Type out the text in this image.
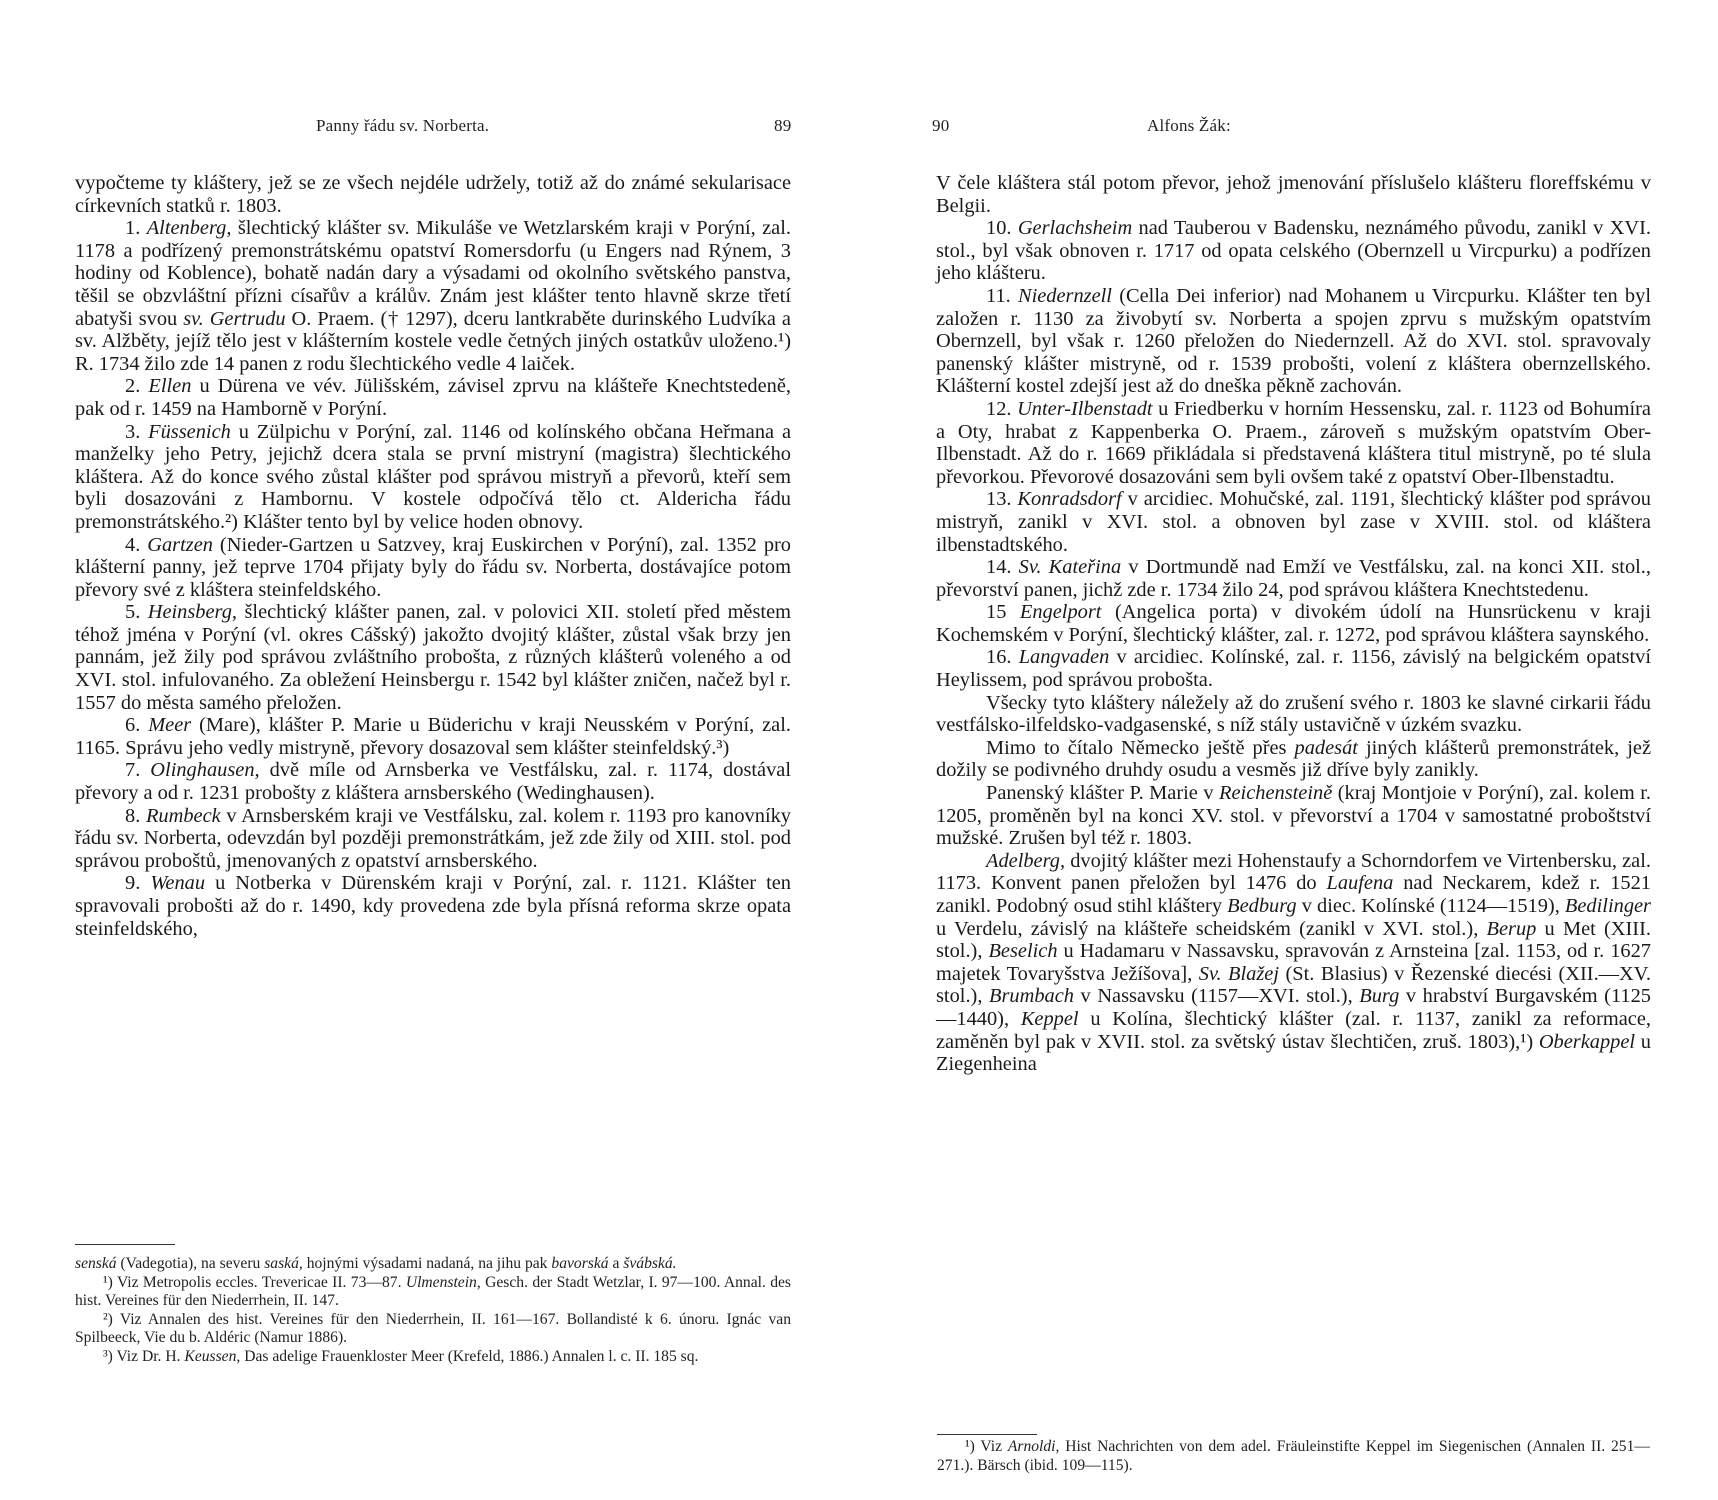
Panny řádu sv. Norberta.	89

vypočteme ty kláštery, jež se ze všech nejdéle udržely, totiž až do známé sekularisace církevních statků r. 1803.

1. Altenberg, šlechtický klášter sv. Mikuláše ve Wetzlarském kraji v Porýní, zal. 1178 a podřízený premonstrátskému opatství Romersdorfu (u Engers nad Rýnem, 3 hodiny od Koblence), bohatě nadán dary a výsadami od okolního světského panstva, těšil se obzvláštní přízni císařův a králův. Znám jest klášter tento hlavně skrze třetí abatyši svou sv. Gertrudu O. Praem. († 1297), dceru lantkraběte durinského Ludvíka a sv. Alžběty, jejíž tělo jest v klášterním kostele vedle četných jiných ostatkův uloženo.¹) R. 1734 žilo zde 14 panen z rodu šlechtického vedle 4 laiček.

2. Ellen u Dürena ve vév. Jülišském, závisel zprvu na klášteře Knechtstedeně, pak od r. 1459 na Hamborně v Porýní.

3. Füssenich u Zülpichu v Porýní, zal. 1146 od kolínského občana Heřmana a manželky jeho Petry, jejichž dcera stala se první mistryní (magistra) šlechtického kláštera. Až do konce svého zůstal klášter pod správou mistryň a převorů, kteří sem byli dosazováni z Hambornu. V kostele odpočívá tělo ct. Aldericha řádu premonstrátského.²) Klášter tento byl by velice hoden obnovy.

4. Gartzen (Nieder-Gartzen u Satzvey, kraj Euskirchen v Porýní), zal. 1352 pro klášterní panny, jež teprve 1704 přijaty byly do řádu sv. Norberta, dostávajíce potom převory své z kláštera steinfeldského.

5. Heinsberg, šlechtický klášter panen, zal. v polovici XII. století před městem téhož jména v Porýní (vl. okres Cášský) jakožto dvojitý klášter, zůstal však brzy jen pannám, jež žily pod správou zvláštního proboštа, z různých klášterů voleného a od XVI. stol. infulovaného. Za obležení Heinsbergu r. 1542 byl klášter zničen, načež byl r. 1557 do města samého přeložen.

6. Meer (Mare), klášter P. Marie u Büderichu v kraji Neusském v Porýní, zal. 1165. Správu jeho vedly mistryně, převory dosazoval sem klášter steinfeldský.³)

7. Olinghausen, dvě míle od Arnsberka ve Vestfálsku, zal. r. 1174, dostával převory a od r. 1231 probošty z kláštera arnsberského (Wedinghausen).

8. Rumbeck v Arnsberském kraji ve Vestfálsku, zal. kolem r. 1193 pro kanovníky řádu sv. Norberta, odevzdán byl později premonstrátkám, jež zde žily od XIII. stol. pod správou proboštů, jmenovaných z opatství arnsberského.

9. Wenau u Notberka v Dürenském kraji v Porýní, zal. r. 1121. Klášter ten spravovali probošti až do r. 1490, kdy provedena zde byla přísná reforma skrze opata steinfeldského,

senská (Vadegotia), na severu saská, hojnými výsadami nadaná, na jihu pak bavorská a švábská.

¹) Viz Metropolis eccles. Trevericae II. 73—87. Ulmenstein, Gesch. der Stadt Wetzlar, I. 97—100. Annal. des hist. Vereines für den Niederrhein, II. 147.

²) Viz Annalen des hist. Vereines für den Niederrhein, II. 161—167. Bollandisté k 6. únoru. Ignác van Spilbeeck, Vie du b. Aldéric (Namur 1886).

³) Viz Dr. H. Keussen, Das adelige Frauenkloster Meer (Krefeld, 1886.) Annalen l. c. II. 185 sq.

90	Alfons Žák:

V čele kláštera stál potom převor, jehož jmenování příslušelo klášteru floreffskému v Belgii.

10. Gerlachsheim nad Tauberou v Badensku, neznámého původu, zanikl v XVI. stol., byl však obnoven r. 1717 od opata celského (Obernzell u Vircpurku) a podřízen jeho klášteru.

11. Niedernzell (Cella Dei inferior) nad Mohanem u Vircpurku. Klášter ten byl založen r. 1130 za živobytí sv. Norberta a spojen zprvu s mužským opatstvím Obernzell, byl však r. 1260 přeložen do Niedernzell. Až do XVI. stol. spravovaly panenský klášter mistryně, od r. 1539 probošti, volení z kláštera obernzellského. Klášterní kostel zdejší jest až do dneška pěkně zachován.

12. Unter-Ilbenstadt u Friedberku v horním Hessensku, zal. r. 1123 od Bohumíra a Oty, hrabat z Kappenberka O. Praem., zároveň s mužským opatstvím Ober-Ilbenstadt. Až do r. 1669 přikládala si představená kláštera titul mistryně, po té slula převorkou. Převorové dosazováni sem byli ovšem také z opatství Ober-Ilbenstadtu.

13. Konradsdorf v arcidiec. Mohučské, zal. 1191, šlechtický klášter pod správou mistryň, zanikl v XVI. stol. a obnoven byl zase v XVIII. stol. od kláštera ilbenstadtského.

14. Sv. Kateřina v Dortmundě nad Emží ve Vestfálsku, zal. na konci XII. stol., převorství panen, jichž zde r. 1734 žilo 24, pod správou kláštera Knechtstedenu.

15 Engelport (Angelica porta) v divokém údolí na Hunsrückenu v kraji Kochemském v Porýní, šlechtický klášter, zal. r. 1272, pod správou kláštera saynského.

16. Langvaden v arcidiec. Kolínské, zal. r. 1156, závislý na belgickém opatství Heylissem, pod správou proboštа.

Všecky tyto kláštery náležely až do zrušení svého r. 1803 ke slavné cirkarii řádu vestfálsko-ilfeldsko-vadgasenské, s níž stály ustavičně v úzkém svazku.

Mimo to čítalo Německo ještě přes padesát jiných klášterů premonstrátek, jež dožily se podivného druhdy osudu a vesměs již dříve byly zanikly.

Panenský klášter P. Marie v Reichensteině (kraj Montjoie v Porýní), zal. kolem r. 1205, proměněn byl na konci XV. stol. v převorství a 1704 v samostatné proboštství mužské. Zrušen byl též r. 1803.

Adelberg, dvojitý klášter mezi Hohenstaufy a Schorndorfem ve Virtenbersku, zal. 1173. Konvent panen přeložen byl 1476 do Laufena nad Neckarem, kdež r. 1521 zanikl. Podobný osud stihl kláštery Bedburg v diec. Kolínské (1124—1519), Bedilinger u Verdelu, závislý na klášteře scheidském (zanikl v XVI. stol.), Berup u Met (XIII. stol.), Beselich u Hadamaru v Nassavsku, spravován z Arnsteina [zal. 1153, od r. 1627 majetek Tovaryšstva Ježíšova], Sv. Blažej (St. Blasius) v Řezenské diecési (XII.—XV. stol.), Brumbach v Nassavsku (1157—XVI. stol.), Burg v hrabství Burgavském (1125—1440), Keppel u Kolína, šlechtický klášter (zal. r. 1137, zanikl za reformace, zaměněn byl pak v XVII. stol. za světský ústav šlechtičen, zruš. 1803),¹) Oberkappel u Ziegenheina

¹) Viz Arnoldi, Hist Nachrichten von dem adel. Fräuleinstifte Keppel im Siegenischen (Annalen II. 251—271.). Bärsch (ibid. 109—115).
